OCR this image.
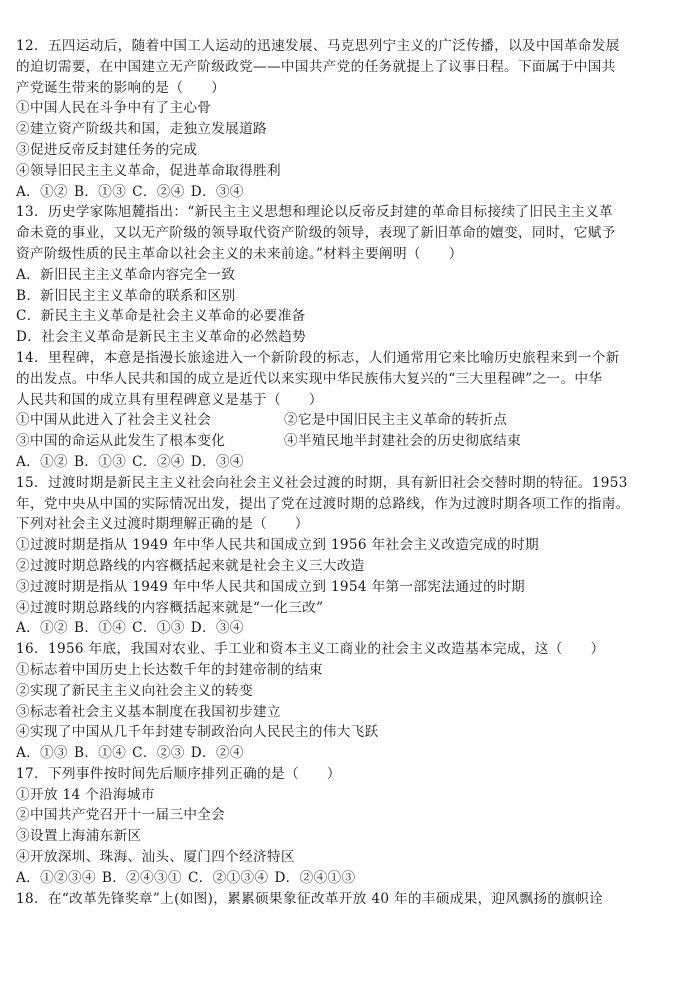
12．五四运动后，随着中国工人运动的迅速发展、马克思列宁主义的广泛传播，以及中国革命发展
的迫切需要，在中国建立无产阶级政党——中国共产党的任务就提上了议事日程。下面属于中国共
产党诞生带来的影响的是（　　）
①中国人民在斗争中有了主心骨
②建立资产阶级共和国，走独立发展道路
③促进反帝反封建任务的完成
④领导旧民主主义革命，促进革命取得胜利
A．①② B．①③ C．②④ D．③④
13．历史学家陈旭麓指出：“新民主主义思想和理论以反帝反封建的革命目标接续了旧民主主义革
命未竟的事业，又以无产阶级的领导取代资产阶级的领导，表现了新旧革命的嬗变，同时，它赋予
资产阶级性质的民主革命以社会主义的未来前途。”材料主要阐明（　　）
A．新旧民主主义革命内容完全一致
B．新旧民主主义革命的联系和区别
C．新民主主义革命是社会主义革命的必要准备
D．社会主义革命是新民主主义革命的必然趋势
14．里程碑，本意是指漫长旅途进入一个新阶段的标志，人们通常用它来比喻历史旅程来到一个新
的出发点。中华人民共和国的成立是近代以来实现中华民族伟大复兴的“三大里程碑”之一。中华
人民共和国的成立具有里程碑意义是基于（　　）
①中国从此进入了社会主义社会	②它是中国旧民主主义革命的转折点
③中国的命运从此发生了根本变化	④半殖民地半封建社会的历史彻底结束
A．①② B．①③ C．②④ D．③④
15．过渡时期是新民主主义社会向社会主义社会过渡的时期，具有新旧社会交替时期的特征。1953
年，党中央从中国的实际情况出发，提出了党在过渡时期的总路线，作为过渡时期各项工作的指南。
下列对社会主义过渡时期理解正确的是（　　）
①过渡时期是指从 1949 年中华人民共和国成立到 1956 年社会主义改造完成的时期
②过渡时期总路线的内容概括起来就是社会主义三大改造
③过渡时期是指从 1949 年中华人民共和国成立到 1954 年第一部宪法通过的时期
④过渡时期总路线的内容概括起来就是“一化三改”
A．①② B．①④ C．①③ D．③④
16．1956 年底，我国对农业、手工业和资本主义工商业的社会主义改造基本完成，这（　　）
①标志着中国历史上长达数千年的封建帝制的结束
②实现了新民主主义向社会主义的转变
③标志着社会主义基本制度在我国初步建立
④实现了中国从几千年封建专制政治向人民民主的伟大飞跃
A．①③ B．①④ C．②③ D．②④
17．下列事件按时间先后顺序排列正确的是（　　）
①开放 14 个沿海城市
②中国共产党召开十一届三中全会
③设置上海浦东新区
④开放深圳、珠海、汕头、厦门四个经济特区
A．①②③④ B．②④③① C．②①③④ D．②④①③
18．在“改革先锋奖章”上(如图)，累累硕果象征改革开放 40 年的丰硕成果，迎风飘扬的旗帜诠
